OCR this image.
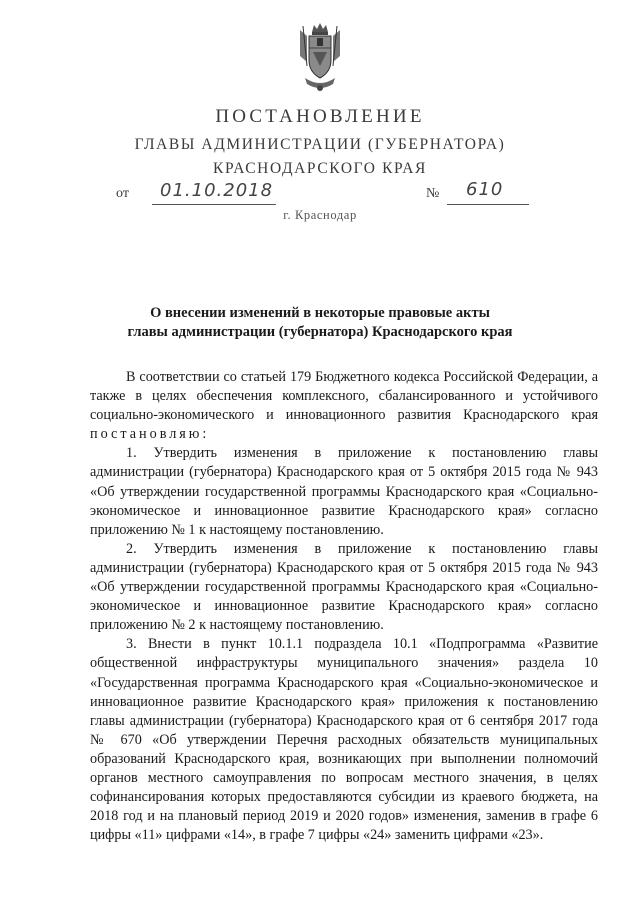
ПОСТАНОВЛЕНИЕ
ГЛАВЫ АДМИНИСТРАЦИИ (ГУБЕРНАТОРА)
КРАСНОДАРСКОГО КРАЯ
от 01.10.2018	№ 610
г. Краснодар
О внесении изменений в некоторые правовые акты
главы администрации (губернатора) Краснодарского края

В соответствии со статьей 179 Бюджетного кодекса Российской Федерации, а также в целях обеспечения комплексного, сбалансированного и устойчивого социально-экономического и инновационного развития Краснодарского края постановляю:

1. Утвердить изменения в приложение к постановлению главы администрации (губернатора) Краснодарского края от 5 октября 2015 года № 943 «Об утверждении государственной программы Краснодарского края «Социально-экономическое и инновационное развитие Краснодарского края» согласно приложению № 1 к настоящему постановлению.

2. Утвердить изменения в приложение к постановлению главы администрации (губернатора) Краснодарского края от 5 октября 2015 года № 943 «Об утверждении государственной программы Краснодарского края «Социально-экономическое и инновационное развитие Краснодарского края» согласно приложению № 2 к настоящему постановлению.

3. Внести в пункт 10.1.1 подраздела 10.1 «Подпрограмма «Развитие общественной инфраструктуры муниципального значения» раздела 10 «Государственная программа Краснодарского края «Социально-экономическое и инновационное развитие Краснодарского края» приложения к постановлению главы администрации (губернатора) Краснодарского края от 6 сентября 2017 года № 670 «Об утверждении Перечня расходных обязательств муниципальных образований Краснодарского края, возникающих при выполнении полномочий органов местного самоуправления по вопросам местного значения, в целях софинансирования которых предоставляются субсидии из краевого бюджета, на 2018 год и на плановый период 2019 и 2020 годов» изменения, заменив в графе 6 цифры «11» цифрами «14», в графе 7 цифры «24» заменить цифрами «23».
